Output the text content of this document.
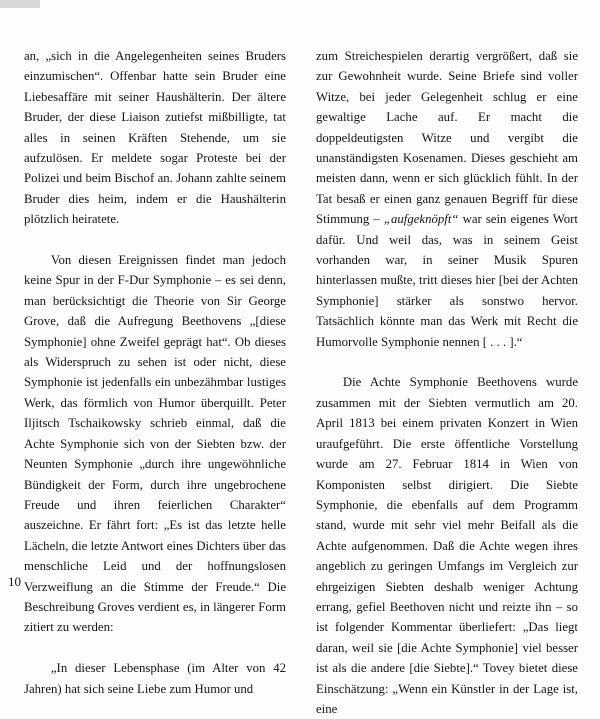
an, „sich in die Angelegenheiten seines Bruders einzumischen“. Offenbar hatte sein Bruder eine Liebesaffäre mit seiner Haushälterin. Der ältere Bruder, der diese Liaison zutiefst mißbilligte, tat alles in seinen Kräften Stehende, um sie aufzulösen. Er meldete sogar Proteste bei der Polizei und beim Bischof an. Johann zahlte seinem Bruder dies heim, indem er die Haushälterin plötzlich heiratete.

Von diesen Ereignissen findet man jedoch keine Spur in der F-Dur Symphonie – es sei denn, man berücksichtigt die Theorie von Sir George Grove, daß die Aufregung Beethovens „[diese Symphonie] ohne Zweifel geprägt hat“. Ob dieses als Widerspruch zu sehen ist oder nicht, diese Symphonie ist jedenfalls ein unbezähmbar lustiges Werk, das förmlich von Humor überquillt. Peter Iljitsch Tschaikowsky schrieb einmal, daß die Achte Symphonie sich von der Siebten bzw. der Neunten Symphonie „durch ihre ungewöhnliche Bündigkeit der Form, durch ihre ungebrochene Freude und ihren feierlichen Charakter“ auszeichne. Er fährt fort: „Es ist das letzte helle Lächeln, die letzte Antwort eines Dichters über das menschliche Leid und der hoffnungslosen Verzweiflung an die Stimme der Freude.“ Die Beschreibung Groves verdient es, in längerer Form zitiert zu werden:

„In dieser Lebensphase (im Alter von 42 Jahren) hat sich seine Liebe zum Humor und

zum Streichespielen derartig vergrößert, daß sie zur Gewohnheit wurde. Seine Briefe sind voller Witze, bei jeder Gelegenheit schlug er eine gewaltige Lache auf. Er macht die doppeldeutigsten Witze und vergibt die unanständigsten Kosenamen. Dieses geschieht am meisten dann, wenn er sich glücklich fühlt. In der Tat besaß er einen ganz genauen Begriff für diese Stimmung – „aufgeknöpft“ war sein eigenes Wort dafür. Und weil das, was in seinem Geist vorhanden war, in seiner Musik Spuren hinterlassen mußte, tritt dieses hier [bei der Achten Symphonie] stärker als sonstwo hervor. Tatsächlich könnte man das Werk mit Recht die Humorvolle Symphonie nennen [ . . . ].“

Die Achte Symphonie Beethovens wurde zusammen mit der Siebten vermutlich am 20. April 1813 bei einem privaten Konzert in Wien uraufgeführt. Die erste öffentliche Vorstellung wurde am 27. Februar 1814 in Wien von Komponisten selbst dirigiert. Die Siebte Symphonie, die ebenfalls auf dem Programm stand, wurde mit sehr viel mehr Beifall als die Achte aufgenommen. Daß die Achte wegen ihres angeblich zu geringen Umfangs im Vergleich zur ehrgeizigen Siebten deshalb weniger Achtung errang, gefiel Beethoven nicht und reizte ihn – so ist folgender Kommentar überliefert: „Das liegt daran, weil sie [die Achte Symphonie] viel besser ist als die andere [die Siebte].“ Tovey bietet diese Einschätzung: „Wenn ein Künstler in der Lage ist, eine

10
